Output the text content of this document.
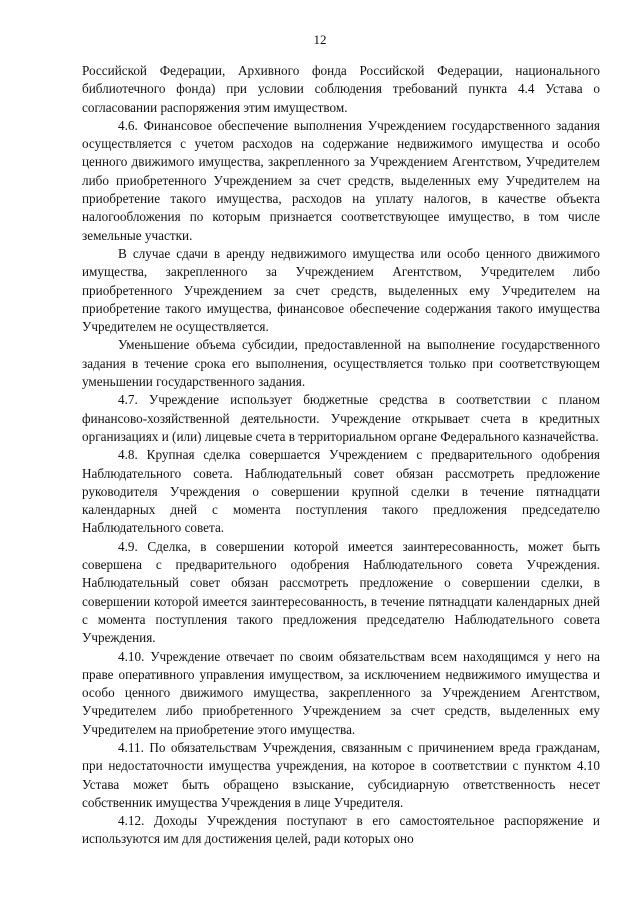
12

Российской Федерации, Архивного фонда Российской Федерации, национального библиотечного фонда) при условии соблюдения требований пункта 4.4 Устава о согласовании распоряжения этим имуществом.

4.6. Финансовое обеспечение выполнения Учреждением государственного задания осуществляется с учетом расходов на содержание недвижимого имущества и особо ценного движимого имущества, закрепленного за Учреждением Агентством, Учредителем либо приобретенного Учреждением за счет средств, выделенных ему Учредителем на приобретение такого имущества, расходов на уплату налогов, в качестве объекта налогообложения по которым признается соответствующее имущество, в том числе земельные участки.

В случае сдачи в аренду недвижимого имущества или особо ценного движимого имущества, закрепленного за Учреждением Агентством, Учредителем либо приобретенного Учреждением за счет средств, выделенных ему Учредителем на приобретение такого имущества, финансовое обеспечение содержания такого имущества Учредителем не осуществляется.

Уменьшение объема субсидии, предоставленной на выполнение государственного задания в течение срока его выполнения, осуществляется только при соответствующем уменьшении государственного задания.

4.7. Учреждение использует бюджетные средства в соответствии с планом финансово-хозяйственной деятельности. Учреждение открывает счета в кредитных организациях и (или) лицевые счета в территориальном органе Федерального казначейства.

4.8. Крупная сделка совершается Учреждением с предварительного одобрения Наблюдательного совета. Наблюдательный совет обязан рассмотреть предложение руководителя Учреждения о совершении крупной сделки в течение пятнадцати календарных дней с момента поступления такого предложения председателю Наблюдательного совета.

4.9. Сделка, в совершении которой имеется заинтересованность, может быть совершена с предварительного одобрения Наблюдательного совета Учреждения. Наблюдательный совет обязан рассмотреть предложение о совершении сделки, в совершении которой имеется заинтересованность, в течение пятнадцати календарных дней с момента поступления такого предложения председателю Наблюдательного совета Учреждения.

4.10. Учреждение отвечает по своим обязательствам всем находящимся у него на праве оперативного управления имуществом, за исключением недвижимого имущества и особо ценного движимого имущества, закрепленного за Учреждением Агентством, Учредителем либо приобретенного Учреждением за счет средств, выделенных ему Учредителем на приобретение этого имущества.

4.11. По обязательствам Учреждения, связанным с причинением вреда гражданам, при недостаточности имущества учреждения, на которое в соответствии с пунктом 4.10 Устава может быть обращено взыскание, субсидиарную ответственность несет собственник имущества Учреждения в лице Учредителя.

4.12. Доходы Учреждения поступают в его самостоятельное распоряжение и используются им для достижения целей, ради которых оно
